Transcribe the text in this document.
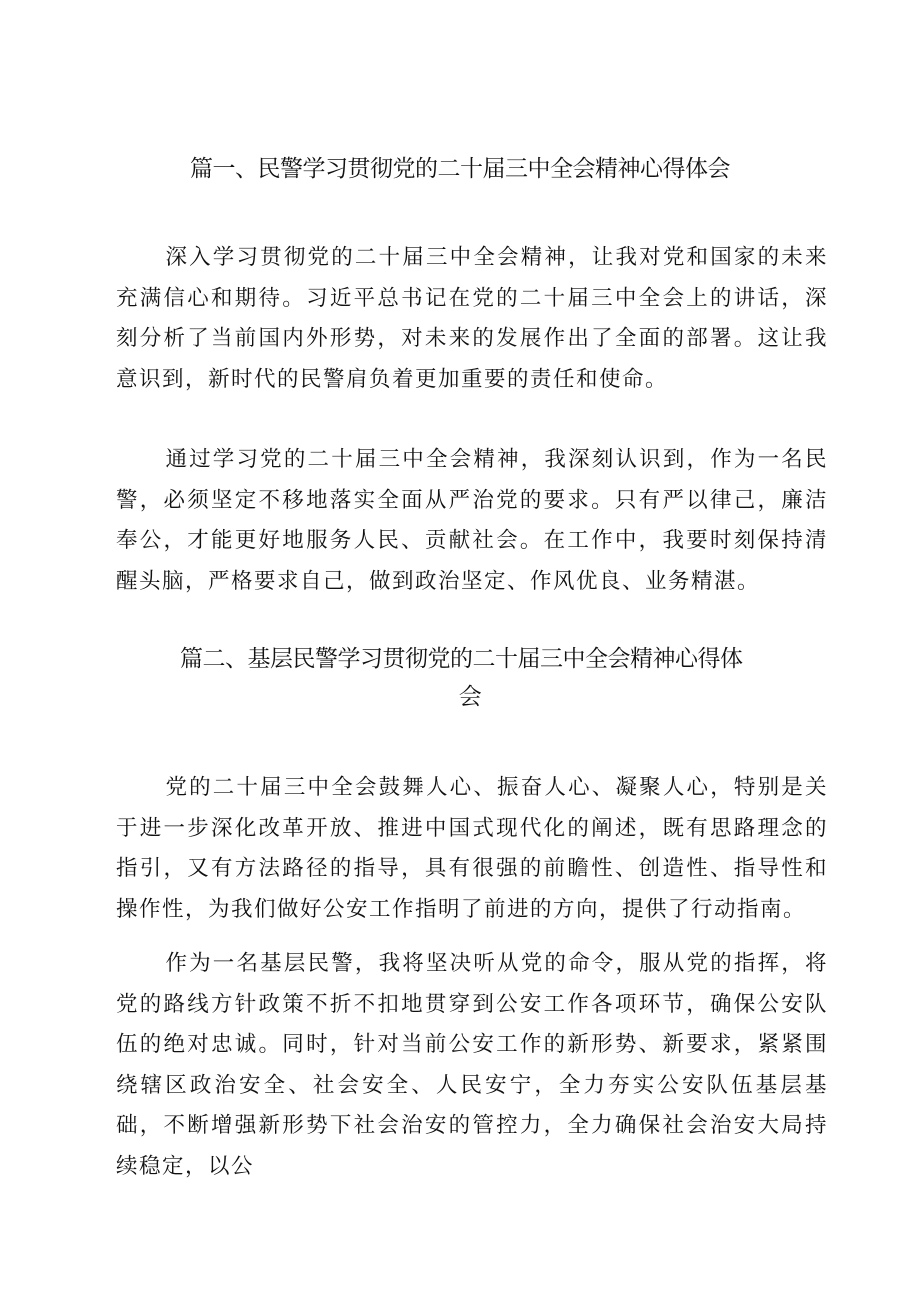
篇一、民警学习贯彻党的二十届三中全会精神心得体会

深入学习贯彻党的二十届三中全会精神，让我对党和国家的未来充满信心和期待。习近平总书记在党的二十届三中全会上的讲话，深刻分析了当前国内外形势，对未来的发展作出了全面的部署。这让我意识到，新时代的民警肩负着更加重要的责任和使命。

通过学习党的二十届三中全会精神，我深刻认识到，作为一名民警，必须坚定不移地落实全面从严治党的要求。只有严以律己，廉洁奉公，才能更好地服务人民、贡献社会。在工作中，我要时刻保持清醒头脑，严格要求自己，做到政治坚定、作风优良、业务精湛。

篇二、基层民警学习贯彻党的二十届三中全会精神心得体
会

党的二十届三中全会鼓舞人心、振奋人心、凝聚人心，特别是关于进一步深化改革开放、推进中国式现代化的阐述，既有思路理念的指引，又有方法路径的指导，具有很强的前瞻性、创造性、指导性和操作性，为我们做好公安工作指明了前进的方向，提供了行动指南。

作为一名基层民警，我将坚决听从党的命令，服从党的指挥，将党的路线方针政策不折不扣地贯穿到公安工作各项环节，确保公安队伍的绝对忠诚。同时，针对当前公安工作的新形势、新要求，紧紧围绕辖区政治安全、社会安全、人民安宁，全力夯实公安队伍基层基础，不断增强新形势下社会治安的管控力，全力确保社会治安大局持续稳定，以公
